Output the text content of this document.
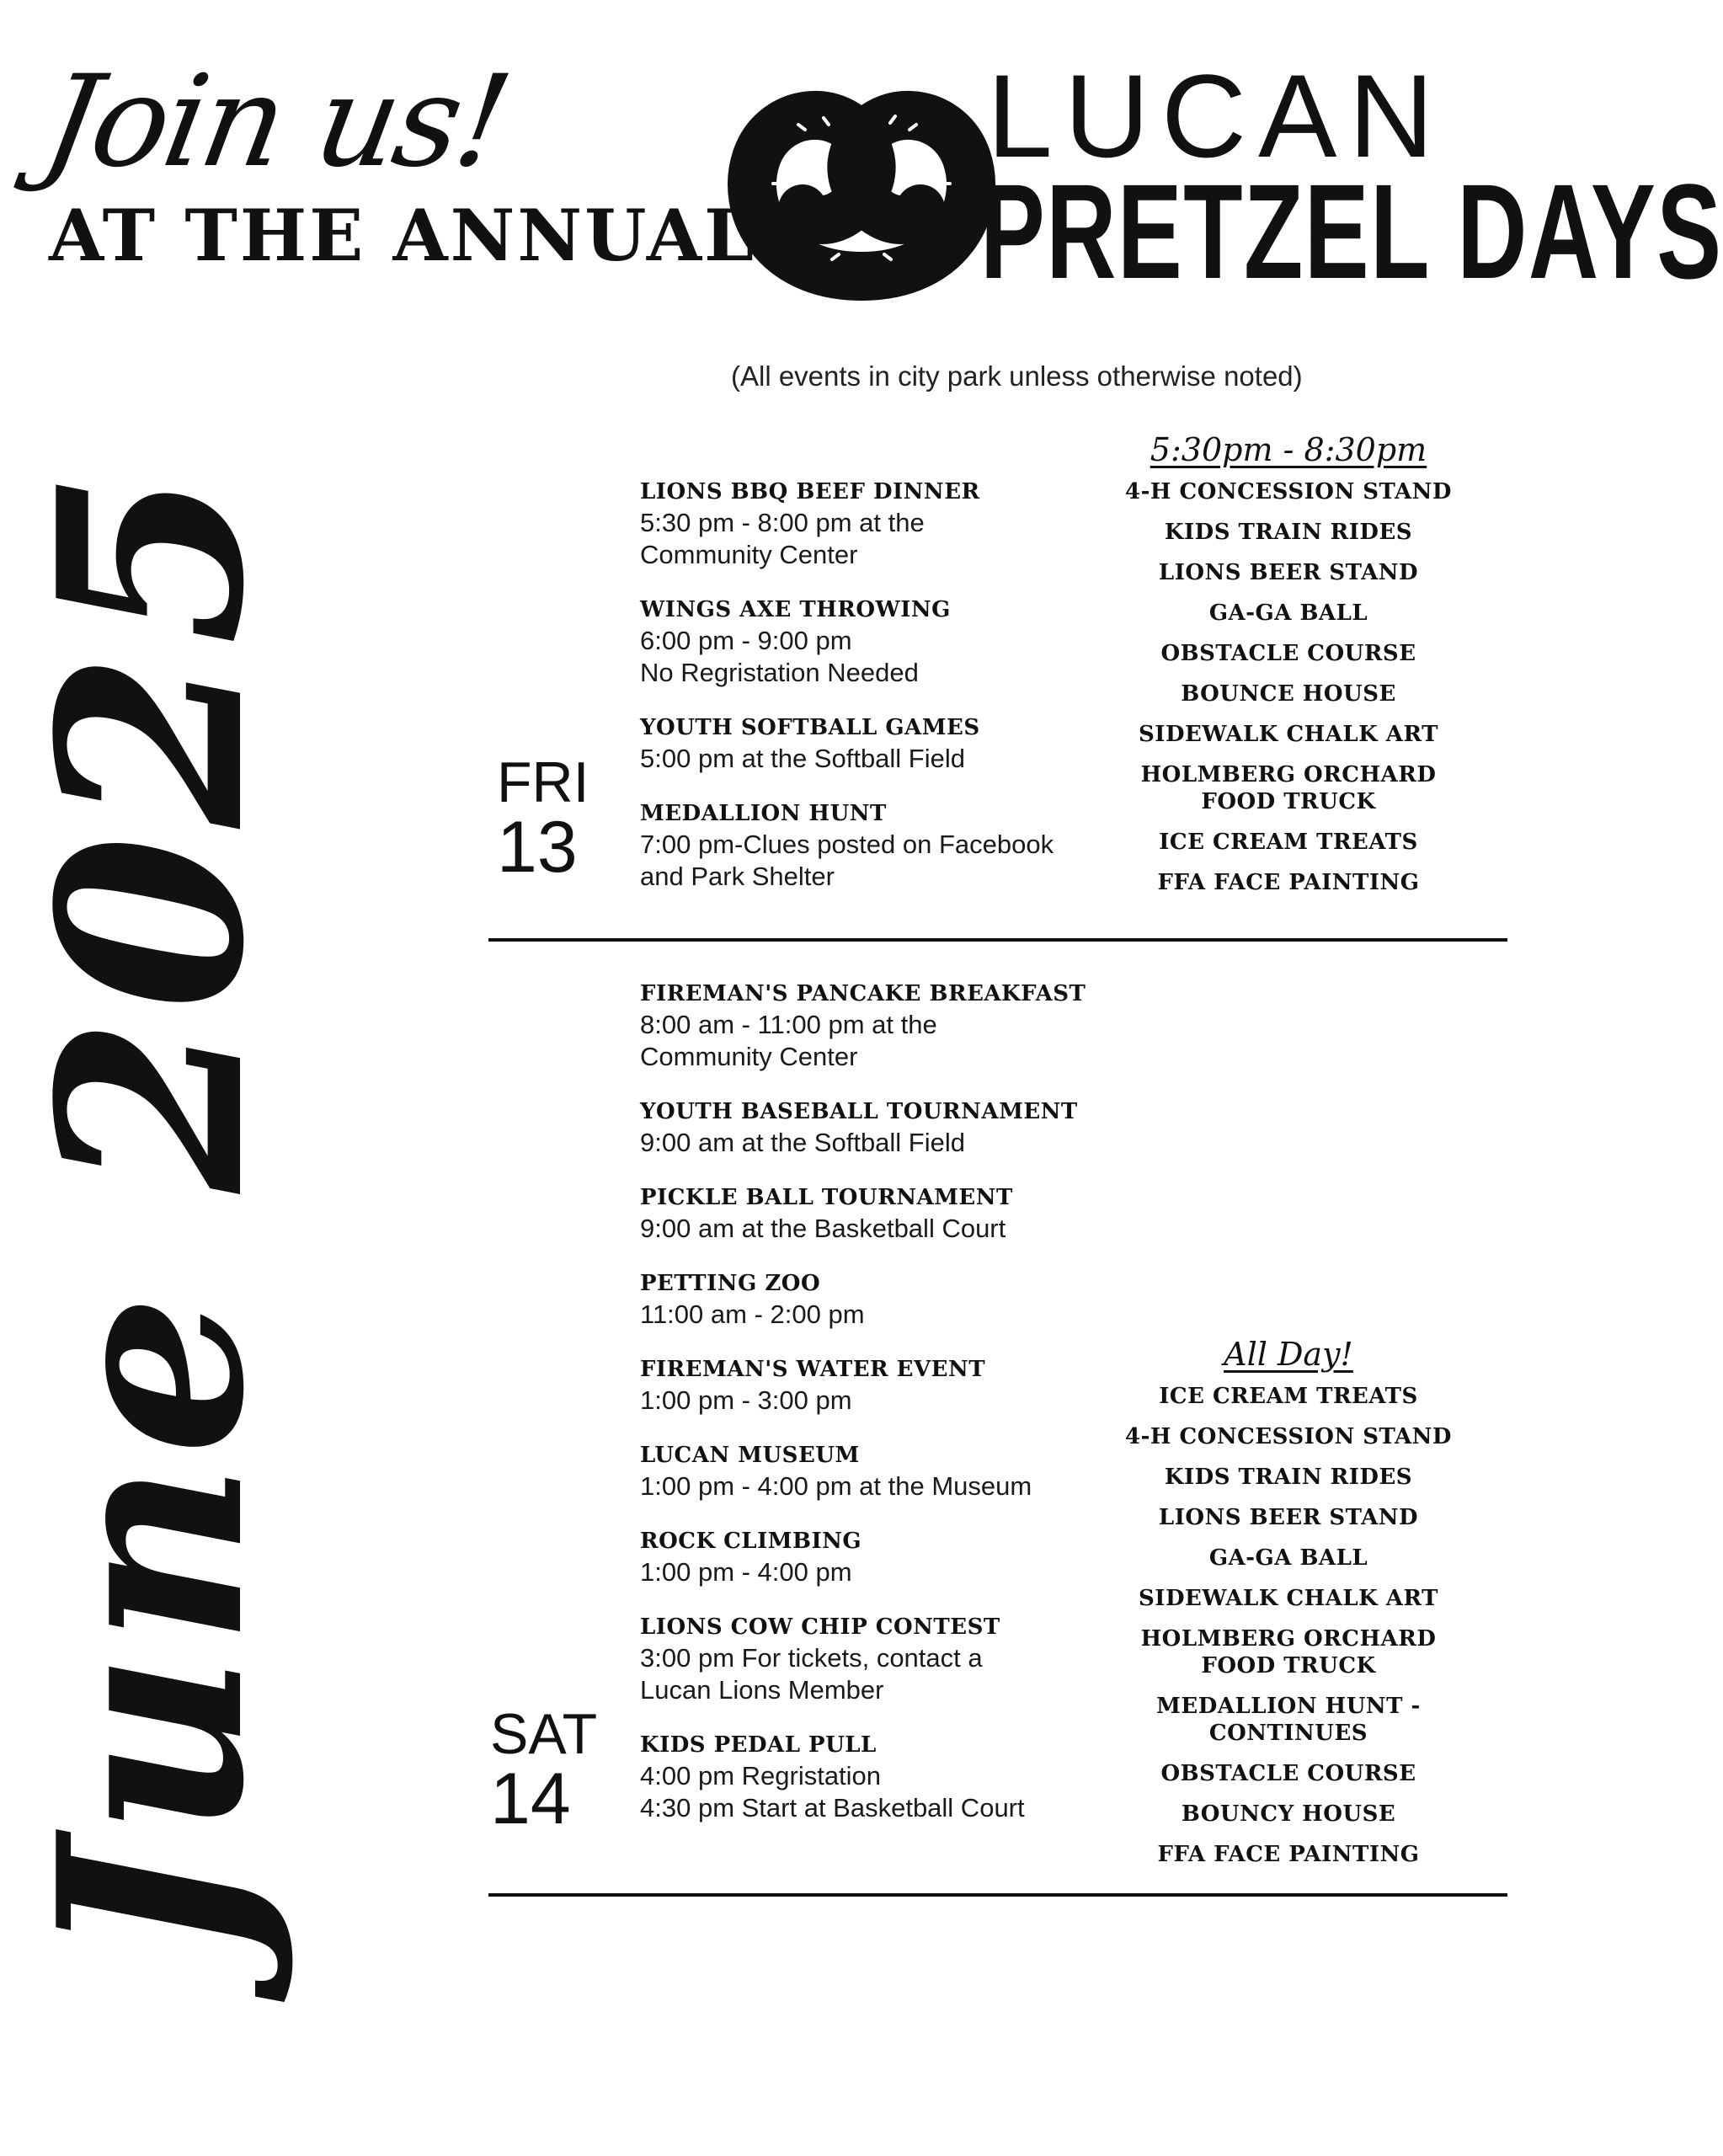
Join us!
AT THE ANNUAL...
LUCAN
PRETZEL DAYS
June 2025
(All events in city park unless otherwise noted)
FRI
13
LIONS BBQ BEEF DINNER
5:30 pm - 8:00 pm at the
Community Center
WINGS AXE THROWING
6:00 pm - 9:00 pm
No Regristation Needed
YOUTH SOFTBALL GAMES
5:00 pm at the Softball Field
MEDALLION HUNT
7:00 pm-Clues posted on Facebook
and Park Shelter
5:30pm - 8:30pm
4-H CONCESSION STAND
KIDS TRAIN RIDES
LIONS BEER STAND
GA-GA BALL
OBSTACLE COURSE
BOUNCE HOUSE
SIDEWALK CHALK ART
HOLMBERG ORCHARD
FOOD TRUCK
ICE CREAM TREATS
FFA FACE PAINTING
SAT
14
FIREMAN'S PANCAKE BREAKFAST
8:00 am - 11:00 pm at the
Community Center
YOUTH BASEBALL TOURNAMENT
9:00 am at the Softball Field
PICKLE BALL TOURNAMENT
9:00 am at the Basketball Court
PETTING ZOO
11:00 am - 2:00 pm
FIREMAN'S WATER EVENT
1:00 pm - 3:00 pm
LUCAN MUSEUM
1:00 pm - 4:00 pm at the Museum
ROCK CLIMBING
1:00 pm - 4:00 pm
LIONS COW CHIP CONTEST
3:00 pm For tickets, contact a
Lucan Lions Member
KIDS PEDAL PULL
4:00 pm Regristation
4:30 pm Start at Basketball Court
All Day!
ICE CREAM TREATS
4-H CONCESSION STAND
KIDS TRAIN RIDES
LIONS BEER STAND
GA-GA BALL
SIDEWALK CHALK ART
HOLMBERG ORCHARD
FOOD TRUCK
MEDALLION HUNT - CONTINUES
OBSTACLE COURSE
BOUNCY HOUSE
FFA FACE PAINTING
